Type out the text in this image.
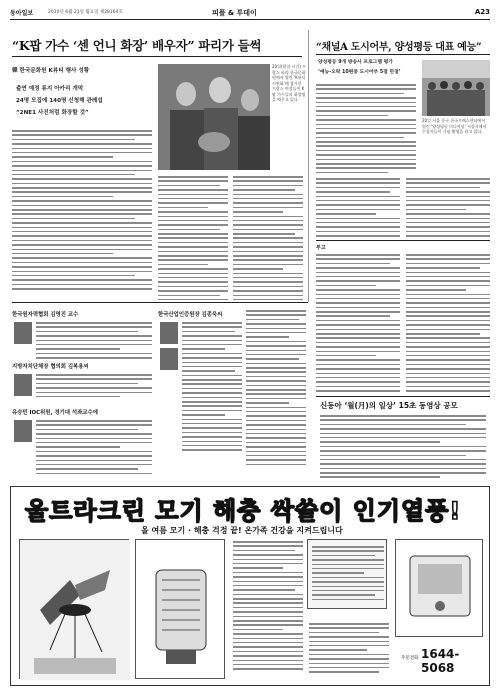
동아일보	2010년 6월 21일 월요일 제28164호	피플 & 투데이	A23
“K팝 가수 ‘센 언니 화장’ 배우자” 파리가 들썩
韓 한국문화원 K뷰티 행사 성황
출연 예정 류지 아카리 개막
24명 모집에 140명 신청해 관례섭
“2NE1 사진처럼 화장할 것”
20일(현지 시간) 프랑스 파리 한국문화원에서 열린 ‘K뷰티 시연회’에 참가한 프랑스 여성들이 K팝 가수들의 화장법을 배우고 있다.
“채널A 도시어부, 양성평등 대표 예능”
양성평등 9개 방송사 프로그램 평가
‘예능-오락 10편중 도시어부 5점 만점’
20일 서울 중구 한국프레스센터에서 열린 ‘양성평등 미디어상’ 시상식에서 수상자들이 기념 촬영을 하고 있다.
부고
신동아 ‘월(月)의 일상’ 15초 동영상 공모
한국원자력협회 김영진 교수
지방자치단체장 협의회 김복용씨
유승민 IOC위원, 경기대 석좌교수에
한국산업인증원장 김종욱씨
울트라크린 모기 해충 싹쓸이 인기열풍!
올 여름 모기 · 해충 걱정 끝! 온가족 건강을 지켜드립니다
주문전화 1644-5068
